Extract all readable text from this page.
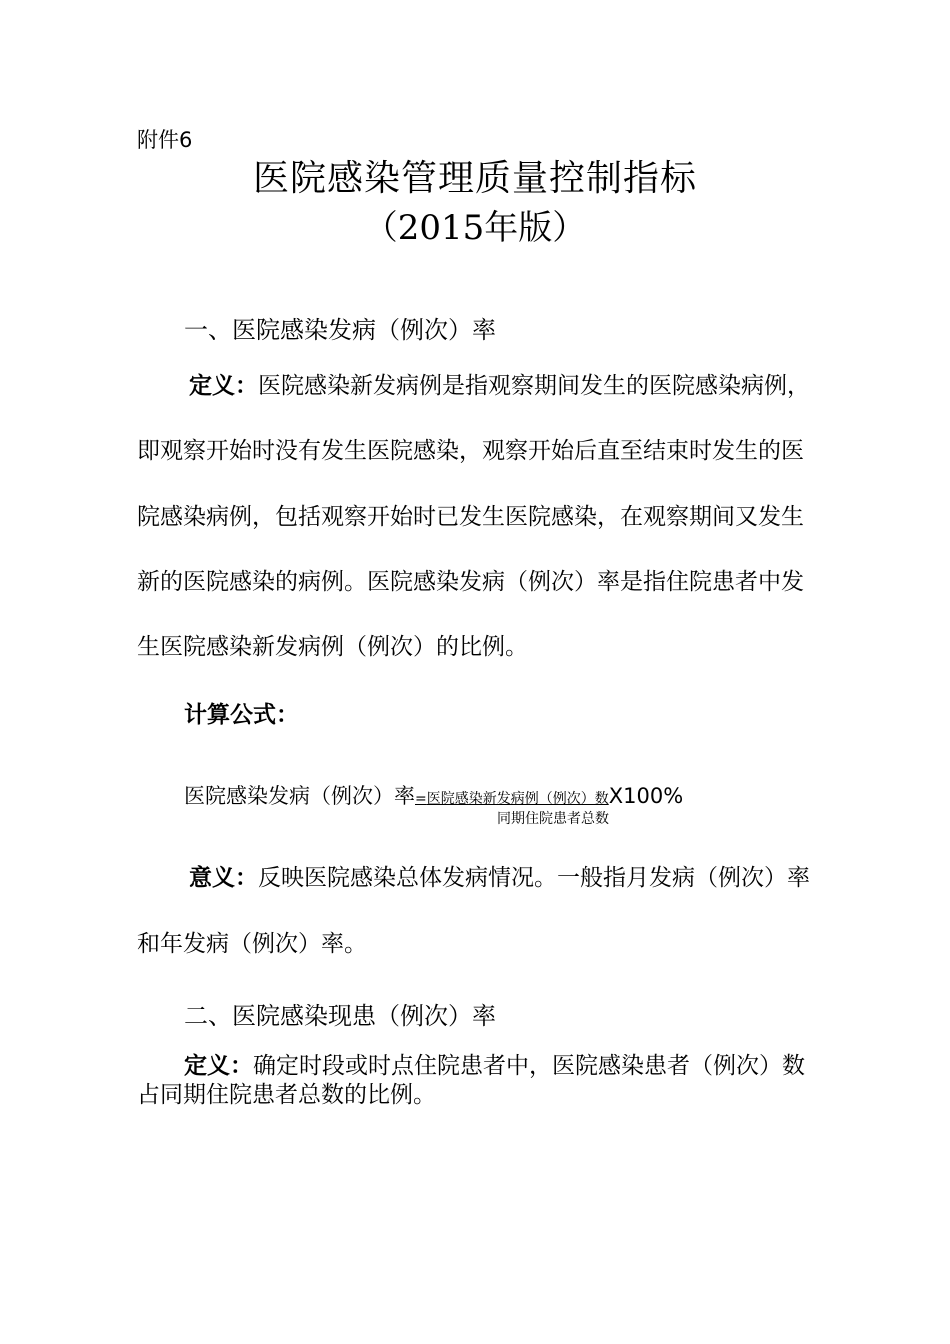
附件6
医院感染管理质量控制指标
（2015年版）
一、医院感染发病（例次）率
定义：医院感染新发病例是指观察期间发生的医院感染病例，
即观察开始时没有发生医院感染，观察开始后直至结束时发生的医
院感染病例，包括观察开始时已发生医院感染，在观察期间又发生
新的医院感染的病例。医院感染发病（例次）率是指住院患者中发
生医院感染新发病例（例次）的比例。
计算公式：
医院感染发病（例次）率=医院感染新发病例（例次）数X100%
同期住院患者总数
意义：反映医院感染总体发病情况。一般指月发病（例次）率
和年发病（例次）率。
二、医院感染现患（例次）率
定义：确定时段或时点住院患者中，医院感染患者（例次）数
占同期住院患者总数的比例。
